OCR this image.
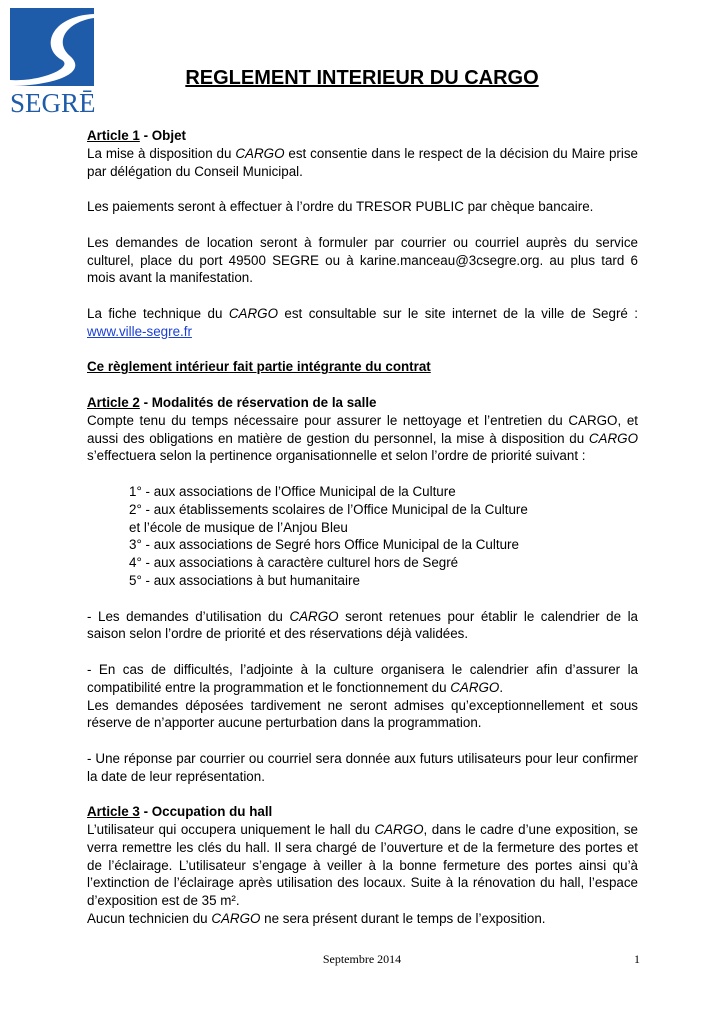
SEGRĒ
REGLEMENT INTERIEUR DU CARGO

Article 1 - Objet

La mise à disposition du CARGO est consentie dans le respect de la décision du Maire prise par délégation du Conseil Municipal.

Les paiements seront à effectuer à l’ordre du TRESOR PUBLIC par chèque bancaire.

Les demandes de location seront à formuler par courrier ou courriel auprès du service culturel, place du port 49500 SEGRE ou à karine.manceau@3csegre.org. au plus tard 6 mois avant la manifestation.

La fiche technique du CARGO est consultable sur le site internet de la ville de Segré : www.ville-segre.fr

Ce règlement intérieur fait partie intégrante du contrat

Article 2 - Modalités de réservation de la salle

Compte tenu du temps nécessaire pour assurer le nettoyage et l’entretien du CARGO, et aussi des obligations en matière de gestion du personnel, la mise à disposition du CARGO s’effectuera selon la pertinence organisationnelle et selon l’ordre de priorité suivant :

1° - aux associations de l’Office Municipal de la Culture

2° - aux établissements scolaires de l’Office Municipal de la Culture

et l’école de musique de l’Anjou Bleu

3° - aux associations de Segré hors Office Municipal de la Culture

4° - aux associations à caractère culturel hors de Segré

5° - aux associations à but humanitaire

- Les demandes d’utilisation du CARGO seront retenues pour établir le calendrier de la saison selon l’ordre de priorité et des réservations déjà validées.

- En cas de difficultés, l’adjointe à la culture organisera le calendrier afin d’assurer la compatibilité entre la programmation et le fonctionnement du CARGO.

Les demandes déposées tardivement ne seront admises qu’exceptionnellement et sous réserve de n’apporter aucune perturbation dans la programmation.

- Une réponse par courrier ou courriel sera donnée aux futurs utilisateurs pour leur confirmer la date de leur représentation.

Article 3 - Occupation du hall

L’utilisateur qui occupera uniquement le hall du CARGO, dans le cadre d’une exposition, se verra remettre les clés du hall. Il sera chargé de l’ouverture et de la fermeture des portes et de l’éclairage. L’utilisateur s’engage à veiller à la bonne fermeture des portes ainsi qu’à l’extinction de l’éclairage après utilisation des locaux. Suite à la rénovation du hall, l’espace d’exposition est de 35 m².

Aucun technicien du CARGO ne sera présent durant le temps de l’exposition.

Septembre 2014	1
